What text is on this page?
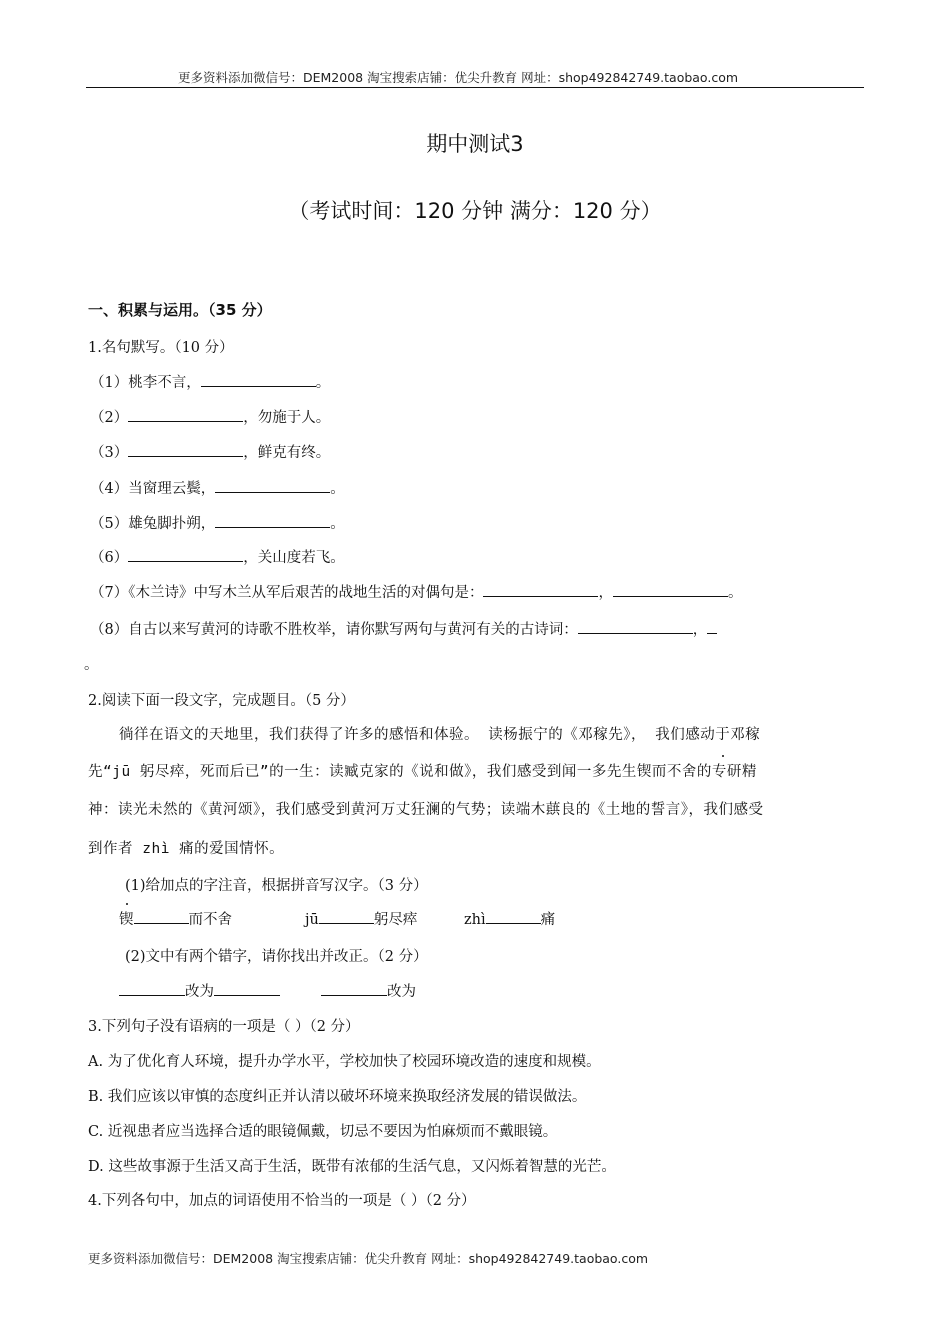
更多资料添加微信号：DEM2008 淘宝搜索店铺：优尖升教育 网址：shop492842749.taobao.com
期中测试3
（考试时间：120 分钟 满分：120 分）
一、积累与运用。（35 分）
1.名句默写。（10 分）
（1）桃李不言，	。
（2）	，勿施于人。
（3）	，鲜克有终。
（4）当窗理云鬓，	。
（5）雄兔脚扑朔，	。
（6）	，关山度若飞。
（7）《木兰诗》中写木兰从军后艰苦的战地生活的对偶句是：	，	。
（8）自古以来写黄河的诗歌不胜枚举，请你默写两句与黄河有关的古诗词：	，
。
2.阅读下面一段文字，完成题目。（5 分）
徜徉在语文的天地里，我们获得了许多的感悟和体验。 读杨振宁的《邓稼先》， 我们感动于邓稼
先“jū 躬尽瘁，死而后已”的一生：读臧克家的《说和做》，我们感受到闻一多先生锲而不舍的专研精
神：读光未然的《黄河颂》，我们感受到黄河万丈狂澜的气势；读端木蕻良的《土地的誓言》，我们感受
到作者 zhì 痛的爱国情怀。
(1)给加点的字注音，根据拼音写汉字。（3 分）
锲	而不舍	jū	躬尽瘁	zhì	痛
(2)文中有两个错字，请你找出并改正。（2 分）
改为	改为
3.下列句子没有语病的一项是（ ）（2 分）
A. 为了优化育人环境，提升办学水平，学校加快了校园环境改造的速度和规模。
B. 我们应该以审慎的态度纠正并认清以破坏环境来换取经济发展的错误做法。
C. 近视患者应当选择合适的眼镜佩戴，切忌不要因为怕麻烦而不戴眼镜。
D. 这些故事源于生活又高于生活，既带有浓郁的生活气息，又闪烁着智慧的光芒。
4.下列各句中，加点的词语使用不恰当的一项是（ ）（2 分）
更多资料添加微信号：DEM2008 淘宝搜索店铺：优尖升教育 网址：shop492842749.taobao.com
